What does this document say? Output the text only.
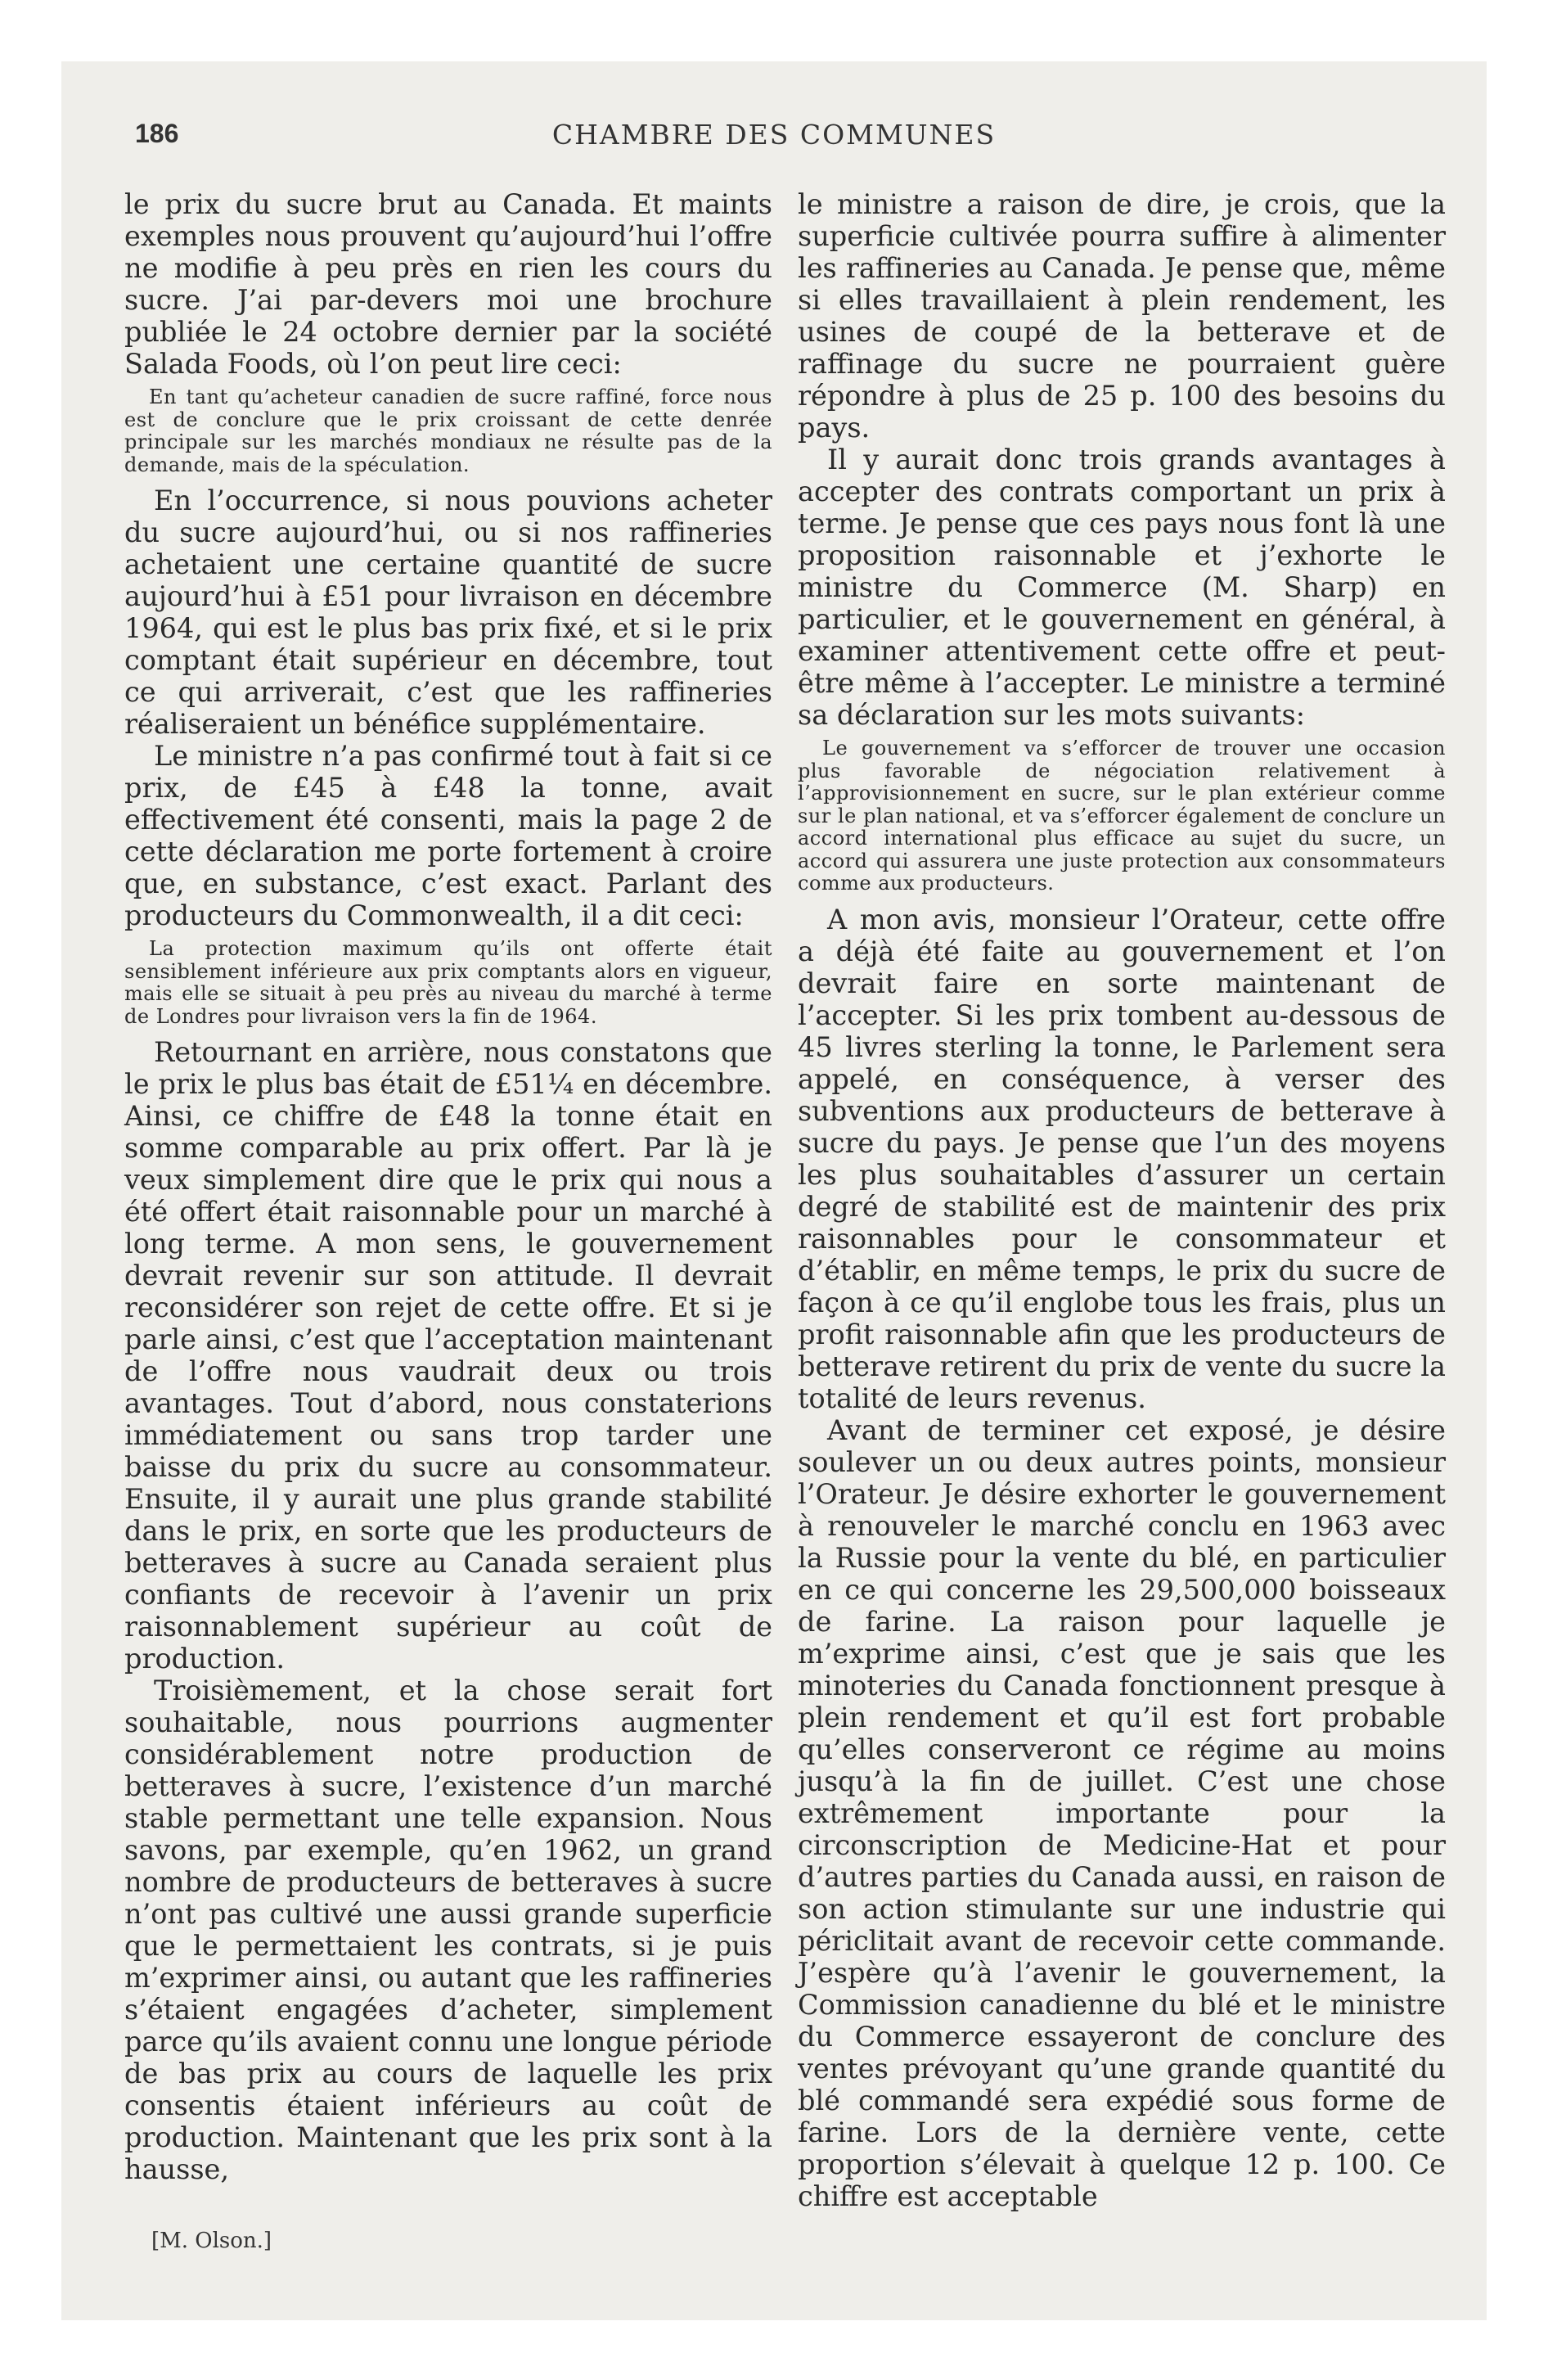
186	CHAMBRE DES COMMUNES

le prix du sucre brut au Canada. Et maints exemples nous prouvent qu’aujourd’hui l’offre ne modifie à peu près en rien les cours du sucre. J’ai par-devers moi une brochure publiée le 24 octobre dernier par la société Salada Foods, où l’on peut lire ceci:

En tant qu’acheteur canadien de sucre raffiné, force nous est de conclure que le prix croissant de cette denrée principale sur les marchés mondiaux ne résulte pas de la demande, mais de la spéculation.

En l’occurrence, si nous pouvions acheter du sucre aujourd’hui, ou si nos raffineries achetaient une certaine quantité de sucre aujourd’hui à £51 pour livraison en décembre 1964, qui est le plus bas prix fixé, et si le prix comptant était supérieur en décembre, tout ce qui arriverait, c’est que les raffineries réaliseraient un bénéfice supplémentaire.

Le ministre n’a pas confirmé tout à fait si ce prix, de £45 à £48 la tonne, avait effectivement été consenti, mais la page 2 de cette déclaration me porte fortement à croire que, en substance, c’est exact. Parlant des producteurs du Commonwealth, il a dit ceci:

La protection maximum qu’ils ont offerte était sensiblement inférieure aux prix comptants alors en vigueur, mais elle se situait à peu près au niveau du marché à terme de Londres pour livraison vers la fin de 1964.

Retournant en arrière, nous constatons que le prix le plus bas était de £51¼ en décembre. Ainsi, ce chiffre de £48 la tonne était en somme comparable au prix offert. Par là je veux simplement dire que le prix qui nous a été offert était raisonnable pour un marché à long terme. A mon sens, le gouvernement devrait revenir sur son attitude. Il devrait reconsidérer son rejet de cette offre. Et si je parle ainsi, c’est que l’acceptation maintenant de l’offre nous vaudrait deux ou trois avantages. Tout d’abord, nous constaterions immédiatement ou sans trop tarder une baisse du prix du sucre au consommateur. Ensuite, il y aurait une plus grande stabilité dans le prix, en sorte que les producteurs de betteraves à sucre au Canada seraient plus confiants de recevoir à l’avenir un prix raisonnablement supérieur au coût de production.

Troisièmement, et la chose serait fort souhaitable, nous pourrions augmenter considérablement notre production de betteraves à sucre, l’existence d’un marché stable permettant une telle expansion. Nous savons, par exemple, qu’en 1962, un grand nombre de producteurs de betteraves à sucre n’ont pas cultivé une aussi grande superficie que le permettaient les contrats, si je puis m’exprimer ainsi, ou autant que les raffineries s’étaient engagées d’acheter, simplement parce qu’ils avaient connu une longue période de bas prix au cours de laquelle les prix consentis étaient inférieurs au coût de production. Maintenant que les prix sont à la hausse,

le ministre a raison de dire, je crois, que la superficie cultivée pourra suffire à alimenter les raffineries au Canada. Je pense que, même si elles travaillaient à plein rendement, les usines de coupé de la betterave et de raffinage du sucre ne pourraient guère répondre à plus de 25 p. 100 des besoins du pays.

Il y aurait donc trois grands avantages à accepter des contrats comportant un prix à terme. Je pense que ces pays nous font là une proposition raisonnable et j’exhorte le ministre du Commerce (M. Sharp) en particulier, et le gouvernement en général, à examiner attentivement cette offre et peut-être même à l’accepter. Le ministre a terminé sa déclaration sur les mots suivants:

Le gouvernement va s’efforcer de trouver une occasion plus favorable de négociation relativement à l’approvisionnement en sucre, sur le plan extérieur comme sur le plan national, et va s’efforcer également de conclure un accord international plus efficace au sujet du sucre, un accord qui assurera une juste protection aux consommateurs comme aux producteurs.

A mon avis, monsieur l’Orateur, cette offre a déjà été faite au gouvernement et l’on devrait faire en sorte maintenant de l’accepter. Si les prix tombent au-dessous de 45 livres sterling la tonne, le Parlement sera appelé, en conséquence, à verser des subventions aux producteurs de betterave à sucre du pays. Je pense que l’un des moyens les plus souhaitables d’assurer un certain degré de stabilité est de maintenir des prix raisonnables pour le consommateur et d’établir, en même temps, le prix du sucre de façon à ce qu’il englobe tous les frais, plus un profit raisonnable afin que les producteurs de betterave retirent du prix de vente du sucre la totalité de leurs revenus.

Avant de terminer cet exposé, je désire soulever un ou deux autres points, monsieur l’Orateur. Je désire exhorter le gouvernement à renouveler le marché conclu en 1963 avec la Russie pour la vente du blé, en particulier en ce qui concerne les 29,500,000 boisseaux de farine. La raison pour laquelle je m’exprime ainsi, c’est que je sais que les minoteries du Canada fonctionnent presque à plein rendement et qu’il est fort probable qu’elles conserveront ce régime au moins jusqu’à la fin de juillet. C’est une chose extrêmement importante pour la circonscription de Medicine-Hat et pour d’autres parties du Canada aussi, en raison de son action stimulante sur une industrie qui périclitait avant de recevoir cette commande. J’espère qu’à l’avenir le gouvernement, la Commission canadienne du blé et le ministre du Commerce essayeront de conclure des ventes prévoyant qu’une grande quantité du blé commandé sera expédié sous forme de farine. Lors de la dernière vente, cette proportion s’élevait à quelque 12 p. 100. Ce chiffre est acceptable

[M. Olson.]
